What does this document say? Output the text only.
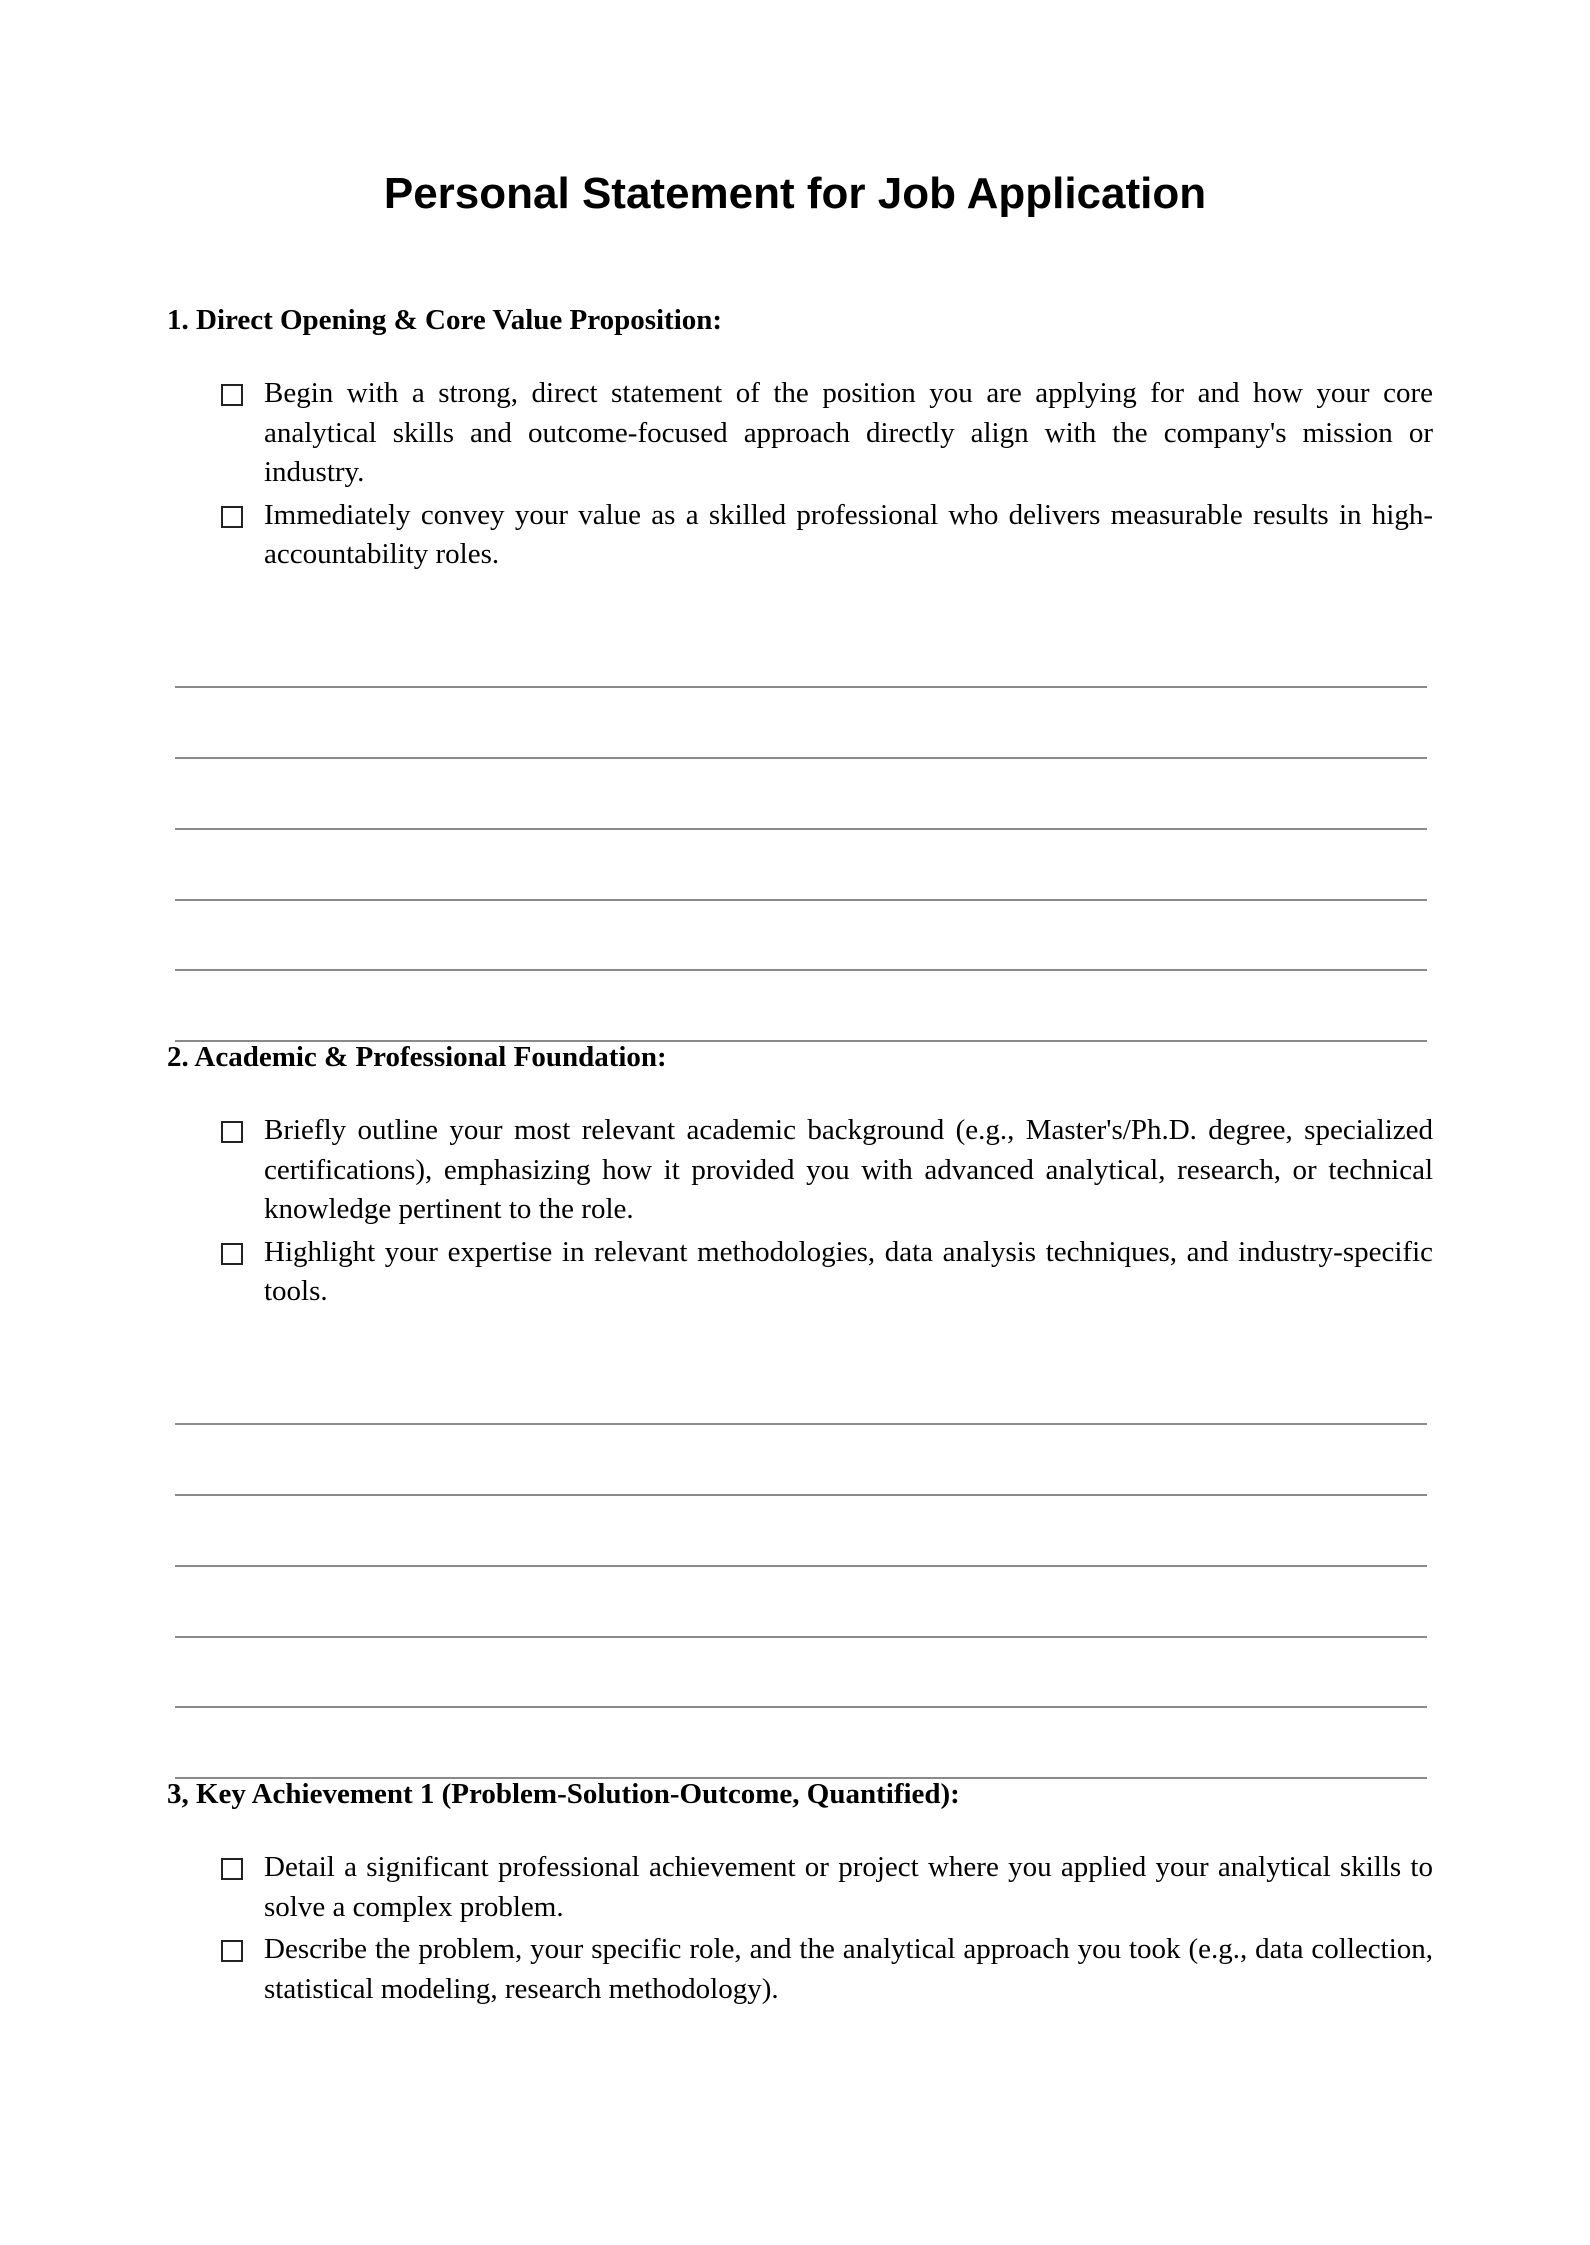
Personal Statement for Job Application
1. Direct Opening & Core Value Proposition:
Begin with a strong, direct statement of the position you are applying for and how your core analytical skills and outcome-focused approach directly align with the company's mission or industry.
Immediately convey your value as a skilled professional who delivers measurable results in high-accountability roles.
2. Academic & Professional Foundation:
Briefly outline your most relevant academic background (e.g., Master's/Ph.D. degree, specialized certifications), emphasizing how it provided you with advanced analytical, research, or technical knowledge pertinent to the role.
Highlight your expertise in relevant methodologies, data analysis techniques, and industry-specific tools.
3, Key Achievement 1 (Problem-Solution-Outcome, Quantified):
Detail a significant professional achievement or project where you applied your analytical skills to solve a complex problem.
Describe the problem, your specific role, and the analytical approach you took (e.g., data collection, statistical modeling, research methodology).
